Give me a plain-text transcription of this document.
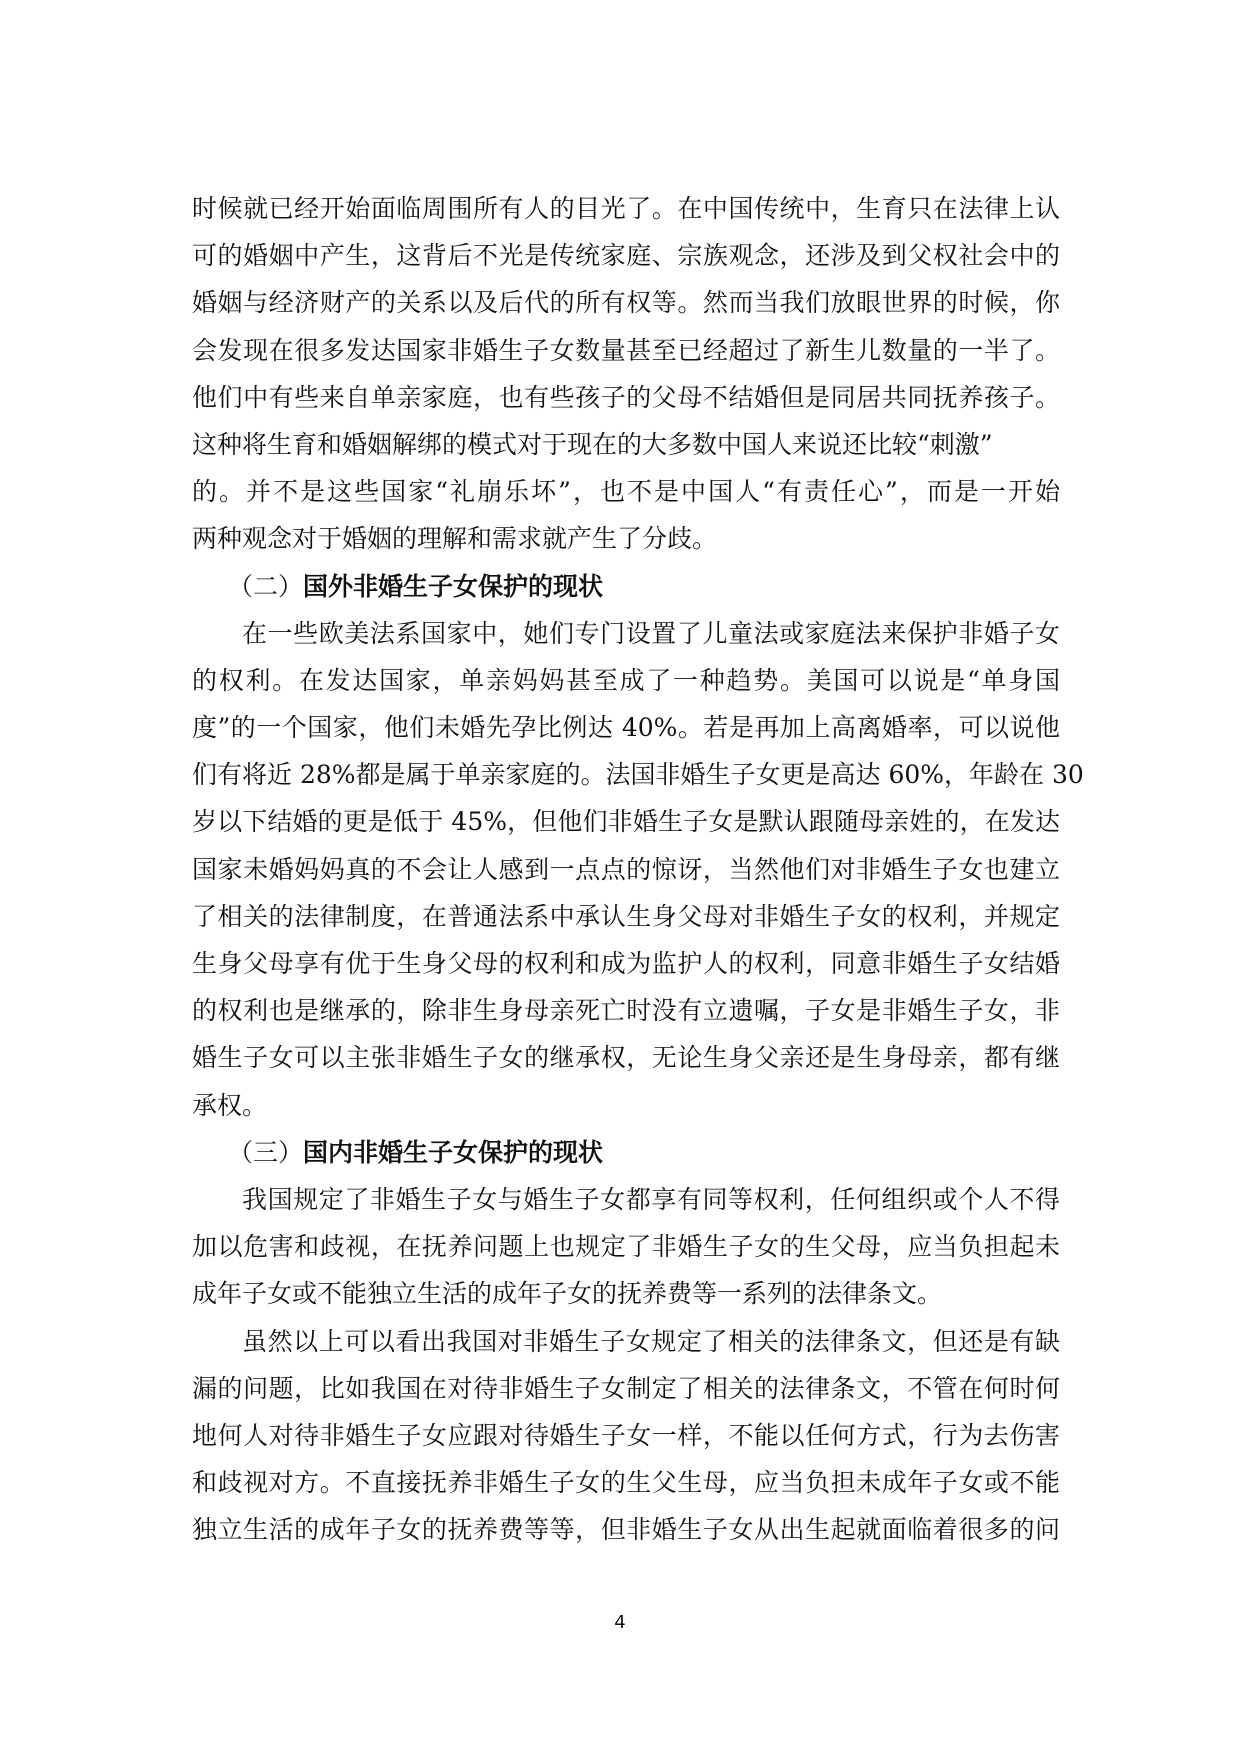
时候就已经开始面临周围所有人的目光了。在中国传统中，生育只在法律上认
可的婚姻中产生，这背后不光是传统家庭、宗族观念，还涉及到父权社会中的
婚姻与经济财产的关系以及后代的所有权等。然而当我们放眼世界的时候，你
会发现在很多发达国家非婚生子女数量甚至已经超过了新生儿数量的一半了。
他们中有些来自单亲家庭，也有些孩子的父母不结婚但是同居共同抚养孩子。
这种将生育和婚姻解绑的模式对于现在的大多数中国人来说还比较“刺激”
的。并不是这些国家“礼崩乐坏”，也不是中国人“有责任心”，而是一开始
两种观念对于婚姻的理解和需求就产生了分歧。
（二）国外非婚生子女保护的现状
在一些欧美法系国家中，她们专门设置了儿童法或家庭法来保护非婚子女
的权利。在发达国家，单亲妈妈甚至成了一种趋势。美国可以说是“单身国
度”的一个国家，他们未婚先孕比例达 40%。若是再加上高离婚率，可以说他
们有将近 28%都是属于单亲家庭的。法国非婚生子女更是高达 60%，年龄在 30
岁以下结婚的更是低于 45%，但他们非婚生子女是默认跟随母亲姓的，在发达
国家未婚妈妈真的不会让人感到一点点的惊讶，当然他们对非婚生子女也建立
了相关的法律制度，在普通法系中承认生身父母对非婚生子女的权利，并规定
生身父母享有优于生身父母的权利和成为监护人的权利，同意非婚生子女结婚
的权利也是继承的，除非生身母亲死亡时没有立遗嘱，子女是非婚生子女，非
婚生子女可以主张非婚生子女的继承权，无论生身父亲还是生身母亲，都有继
承权。
（三）国内非婚生子女保护的现状
我国规定了非婚生子女与婚生子女都享有同等权利，任何组织或个人不得
加以危害和歧视，在抚养问题上也规定了非婚生子女的生父母，应当负担起未
成年子女或不能独立生活的成年子女的抚养费等一系列的法律条文。
虽然以上可以看出我国对非婚生子女规定了相关的法律条文，但还是有缺
漏的问题，比如我国在对待非婚生子女制定了相关的法律条文，不管在何时何
地何人对待非婚生子女应跟对待婚生子女一样，不能以任何方式，行为去伤害
和歧视对方。不直接抚养非婚生子女的生父生母，应当负担未成年子女或不能
独立生活的成年子女的抚养费等等，但非婚生子女从出生起就面临着很多的问
4
